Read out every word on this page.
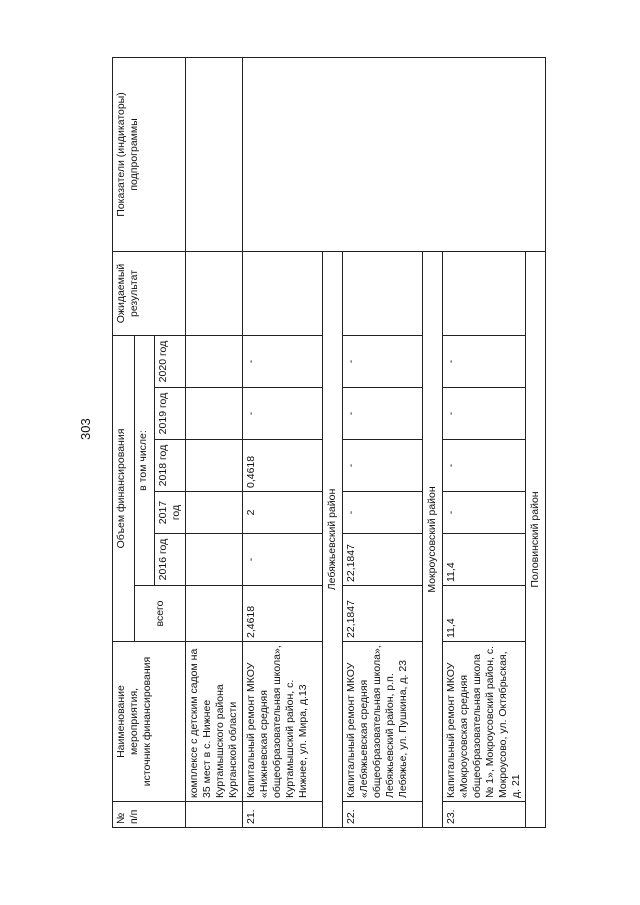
303
№ п/п	Наименование мероприятия, источник финансирования	Объем финансирования						Ожидаемый результат	Показатели (индикаторы) подпрограммы
		всего	в том числе:						
			2016 год	2017 год	2018 год	2019 год	2020 год		
	комплексе с детским садом на 35 мест в с. Нижнее Куртамышского района Курганской области								
21.	Капитальный ремонт МКОУ «Нижневская средняя общеобразовательная школа», Куртамышский район, с. Нижнее, ул. Мира, д.13	2,4618	-	2	0,4618	-	-		
Лебяжьевский район									
22.	Капитальный ремонт МКОУ «Лебяжьевская средняя общеобразовательная школа», Лебяжьевский район, р.п. Лебяжье, ул. Пушкина, д. 23	22,1847	22,1847	-	-	-	-		
Мокроусовский район									
23.	Капитальный ремонт МКОУ «Мокроусовская средняя общеобразовательная школа № 1», Мокроусовский район, с. Мокроусово, ул. Октябрьская, д. 21	11,4	11,4	-	-	-	-		
Половинский район									
